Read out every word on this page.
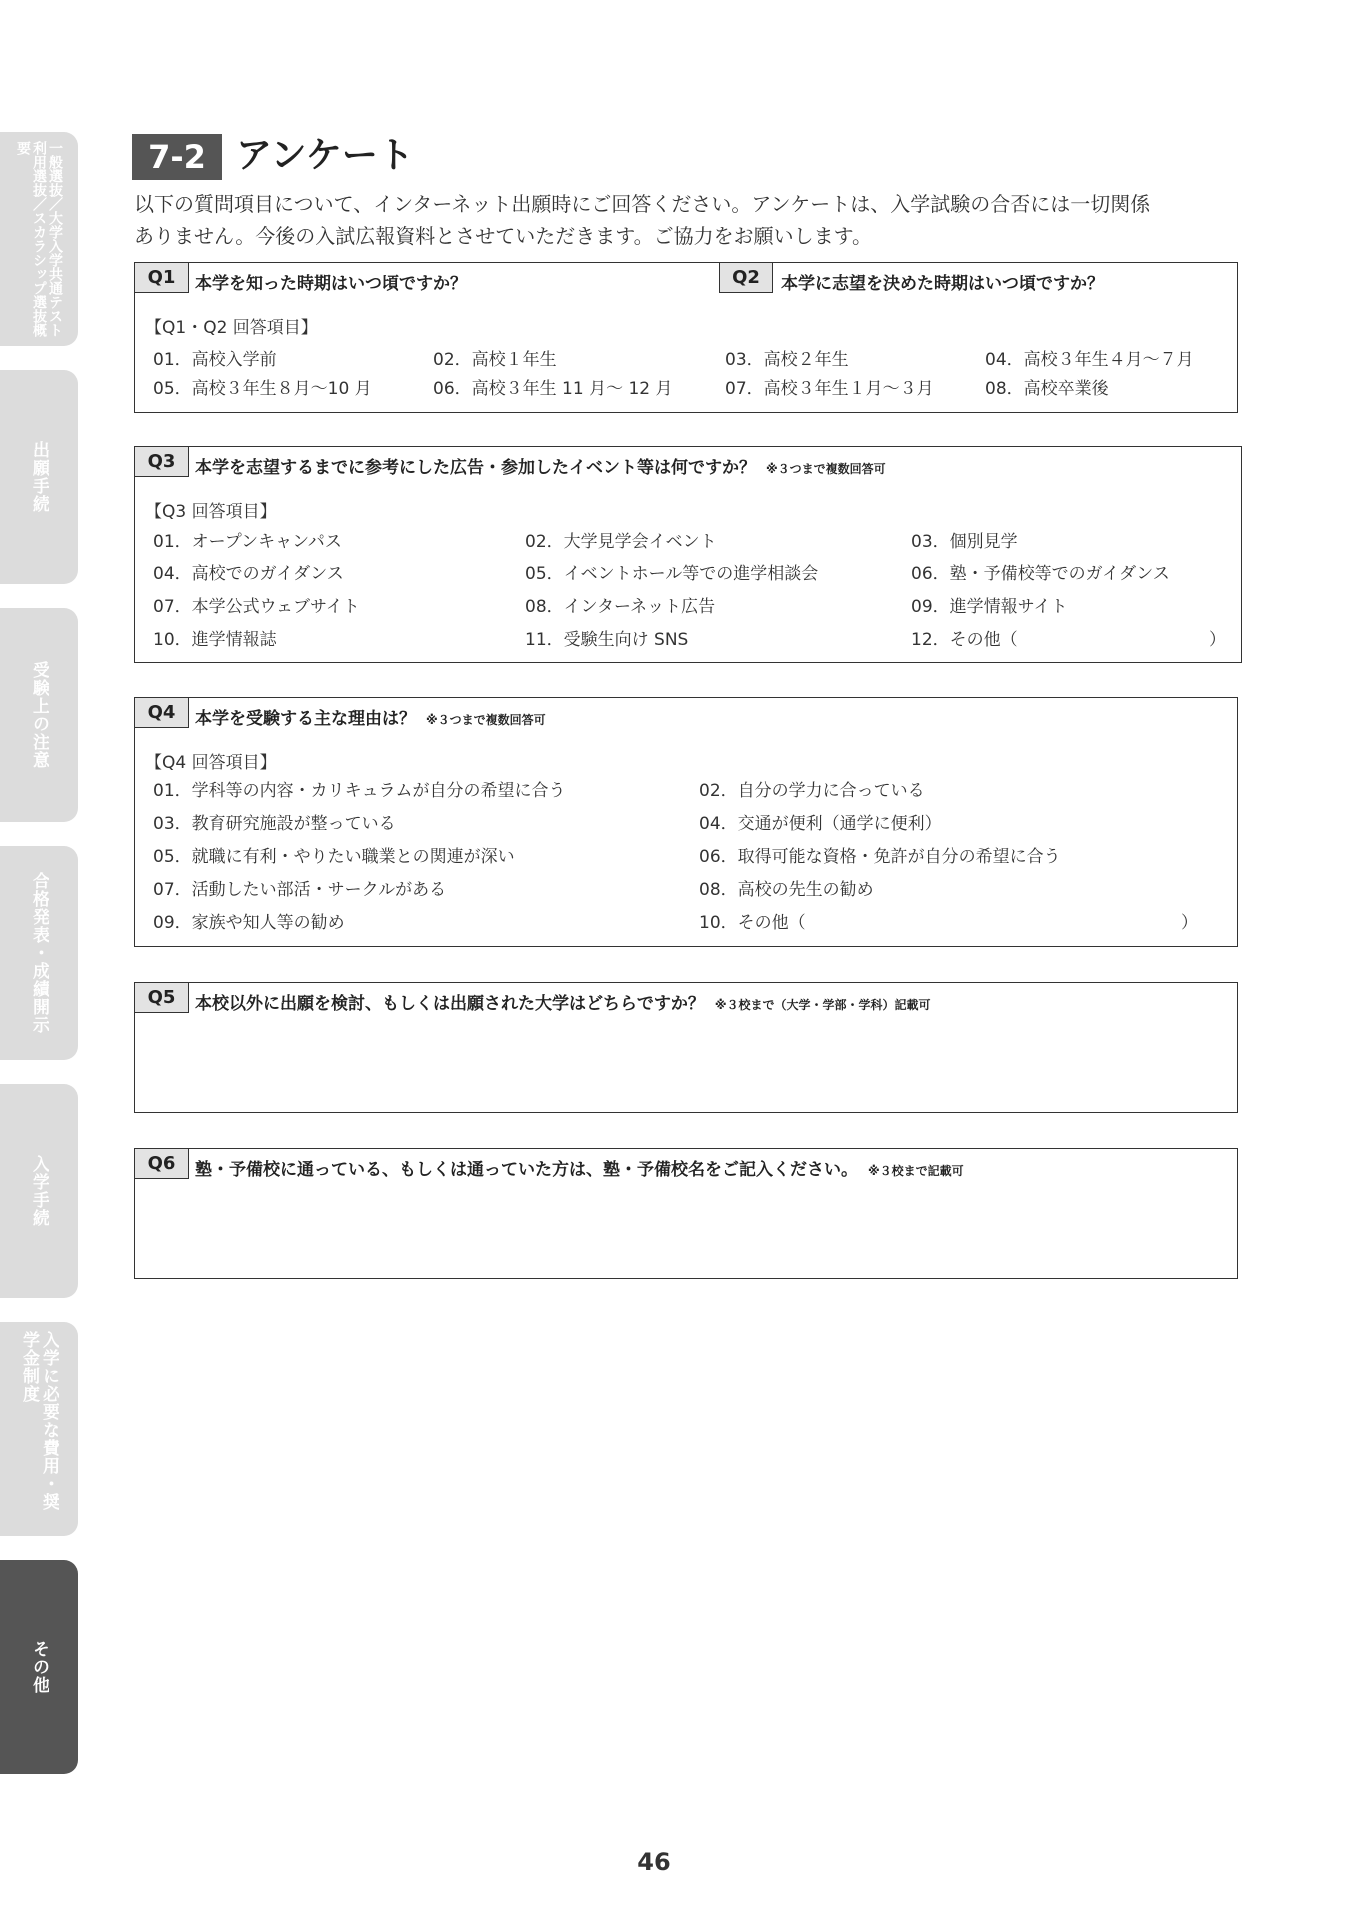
一般選抜／大学入学共通テスト利用選抜／スカラシップ選抜概要
出願手続
受験上の注意
合格発表・成績開示
入学手続
入学に必要な費用・奨学金制度
その他
7-2 アンケート
以下の質問項目について、インターネット出願時にご回答ください。アンケートは、入学試験の合否には一切関係
ありません。今後の入試広報資料とさせていただきます。ご協力をお願いします。
Q1	本学を知った時期はいつ頃ですか？	Q2	本学に志望を決めた時期はいつ頃ですか？
【Q1・Q2 回答項目】
01．高校入学前	02．高校１年生	03．高校２年生	04．高校３年生４月〜７月
05．高校３年生８月〜10 月	06．高校３年生 11 月〜 12 月	07．高校３年生１月〜３月	08．高校卒業後
Q3	本学を志望するまでに参考にした広告・参加したイベント等は何ですか？ ※３つまで複数回答可
【Q3 回答項目】
01．オープンキャンパス	02．大学見学会イベント	03．個別見学
04．高校でのガイダンス	05．イベントホール等での進学相談会	06．塾・予備校等でのガイダンス
07．本学公式ウェブサイト	08．インターネット広告	09．進学情報サイト
10．進学情報誌	11．受験生向け SNS	12．その他（	）
Q4	本学を受験する主な理由は？ ※３つまで複数回答可
【Q4 回答項目】
01．学科等の内容・カリキュラムが自分の希望に合う	02．自分の学力に合っている
03．教育研究施設が整っている	04．交通が便利（通学に便利）
05．就職に有利・やりたい職業との関連が深い	06．取得可能な資格・免許が自分の希望に合う
07．活動したい部活・サークルがある	08．高校の先生の勧め
09．家族や知人等の勧め	10．その他（	）
Q5	本校以外に出願を検討、もしくは出願された大学はどちらですか？ ※３校まで（大学・学部・学科）記載可
Q6	塾・予備校に通っている、もしくは通っていた方は、塾・予備校名をご記入ください。 ※３校まで記載可
46
